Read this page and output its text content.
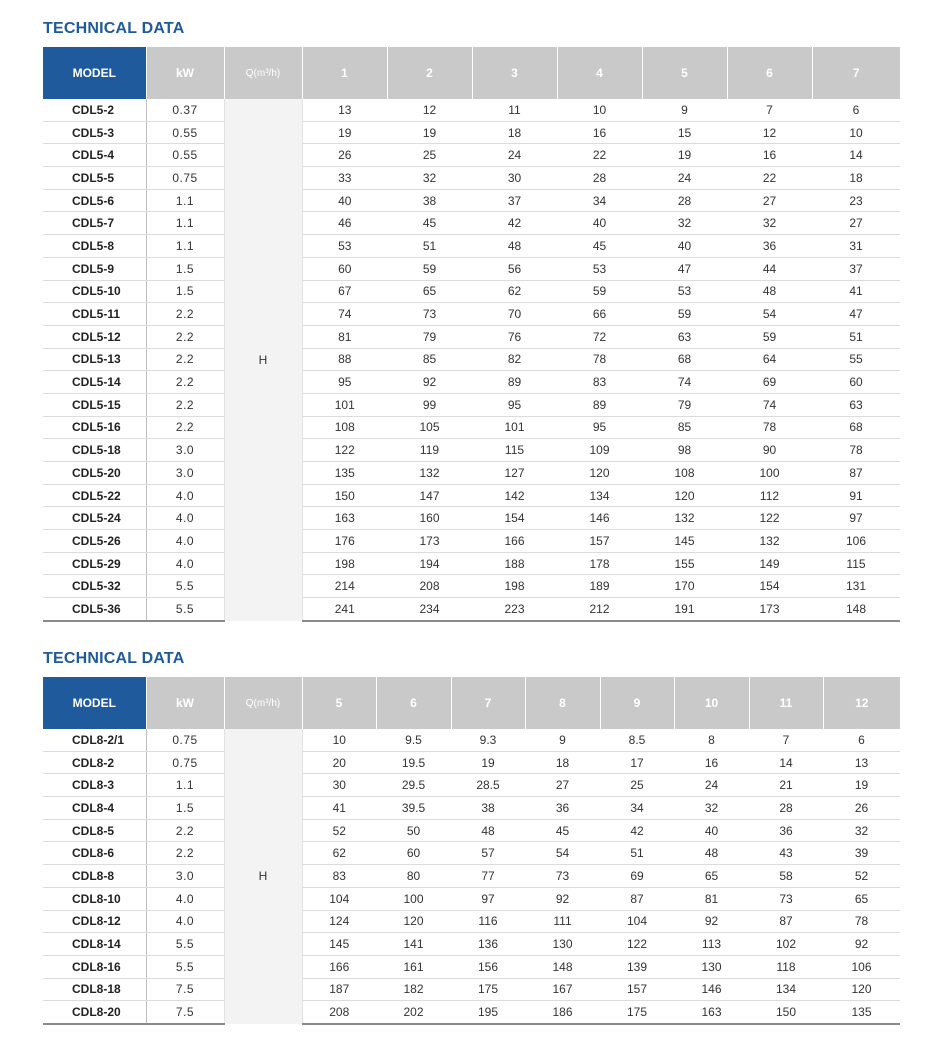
TECHNICAL DATA
MODEL	kW	Q(m³/h)	1	2	3	4	5	6	7
CDL5-2	0.37	H	13	12	11	10	9	7	6
CDL5-3	0.55		19	19	18	16	15	12	10
CDL5-4	0.55		26	25	24	22	19	16	14
CDL5-5	0.75		33	32	30	28	24	22	18
CDL5-6	1.1		40	38	37	34	28	27	23
CDL5-7	1.1		46	45	42	40	32	32	27
CDL5-8	1.1		53	51	48	45	40	36	31
CDL5-9	1.5		60	59	56	53	47	44	37
CDL5-10	1.5		67	65	62	59	53	48	41
CDL5-11	2.2		74	73	70	66	59	54	47
CDL5-12	2.2		81	79	76	72	63	59	51
CDL5-13	2.2		88	85	82	78	68	64	55
CDL5-14	2.2		95	92	89	83	74	69	60
CDL5-15	2.2		101	99	95	89	79	74	63
CDL5-16	2.2		108	105	101	95	85	78	68
CDL5-18	3.0		122	119	115	109	98	90	78
CDL5-20	3.0		135	132	127	120	108	100	87
CDL5-22	4.0		150	147	142	134	120	112	91
CDL5-24	4.0		163	160	154	146	132	122	97
CDL5-26	4.0		176	173	166	157	145	132	106
CDL5-29	4.0		198	194	188	178	155	149	115
CDL5-32	5.5		214	208	198	189	170	154	131
CDL5-36	5.5		241	234	223	212	191	173	148
TECHNICAL DATA
MODEL	kW	Q(m³/h)	5	6	7	8	9	10	11	12
CDL8-2/1	0.75	H	10	9.5	9.3	9	8.5	8	7	6
CDL8-2	0.75		20	19.5	19	18	17	16	14	13
CDL8-3	1.1		30	29.5	28.5	27	25	24	21	19
CDL8-4	1.5		41	39.5	38	36	34	32	28	26
CDL8-5	2.2		52	50	48	45	42	40	36	32
CDL8-6	2.2		62	60	57	54	51	48	43	39
CDL8-8	3.0		83	80	77	73	69	65	58	52
CDL8-10	4.0		104	100	97	92	87	81	73	65
CDL8-12	4.0		124	120	116	111	104	92	87	78
CDL8-14	5.5		145	141	136	130	122	113	102	92
CDL8-16	5.5		166	161	156	148	139	130	118	106
CDL8-18	7.5		187	182	175	167	157	146	134	120
CDL8-20	7.5		208	202	195	186	175	163	150	135
